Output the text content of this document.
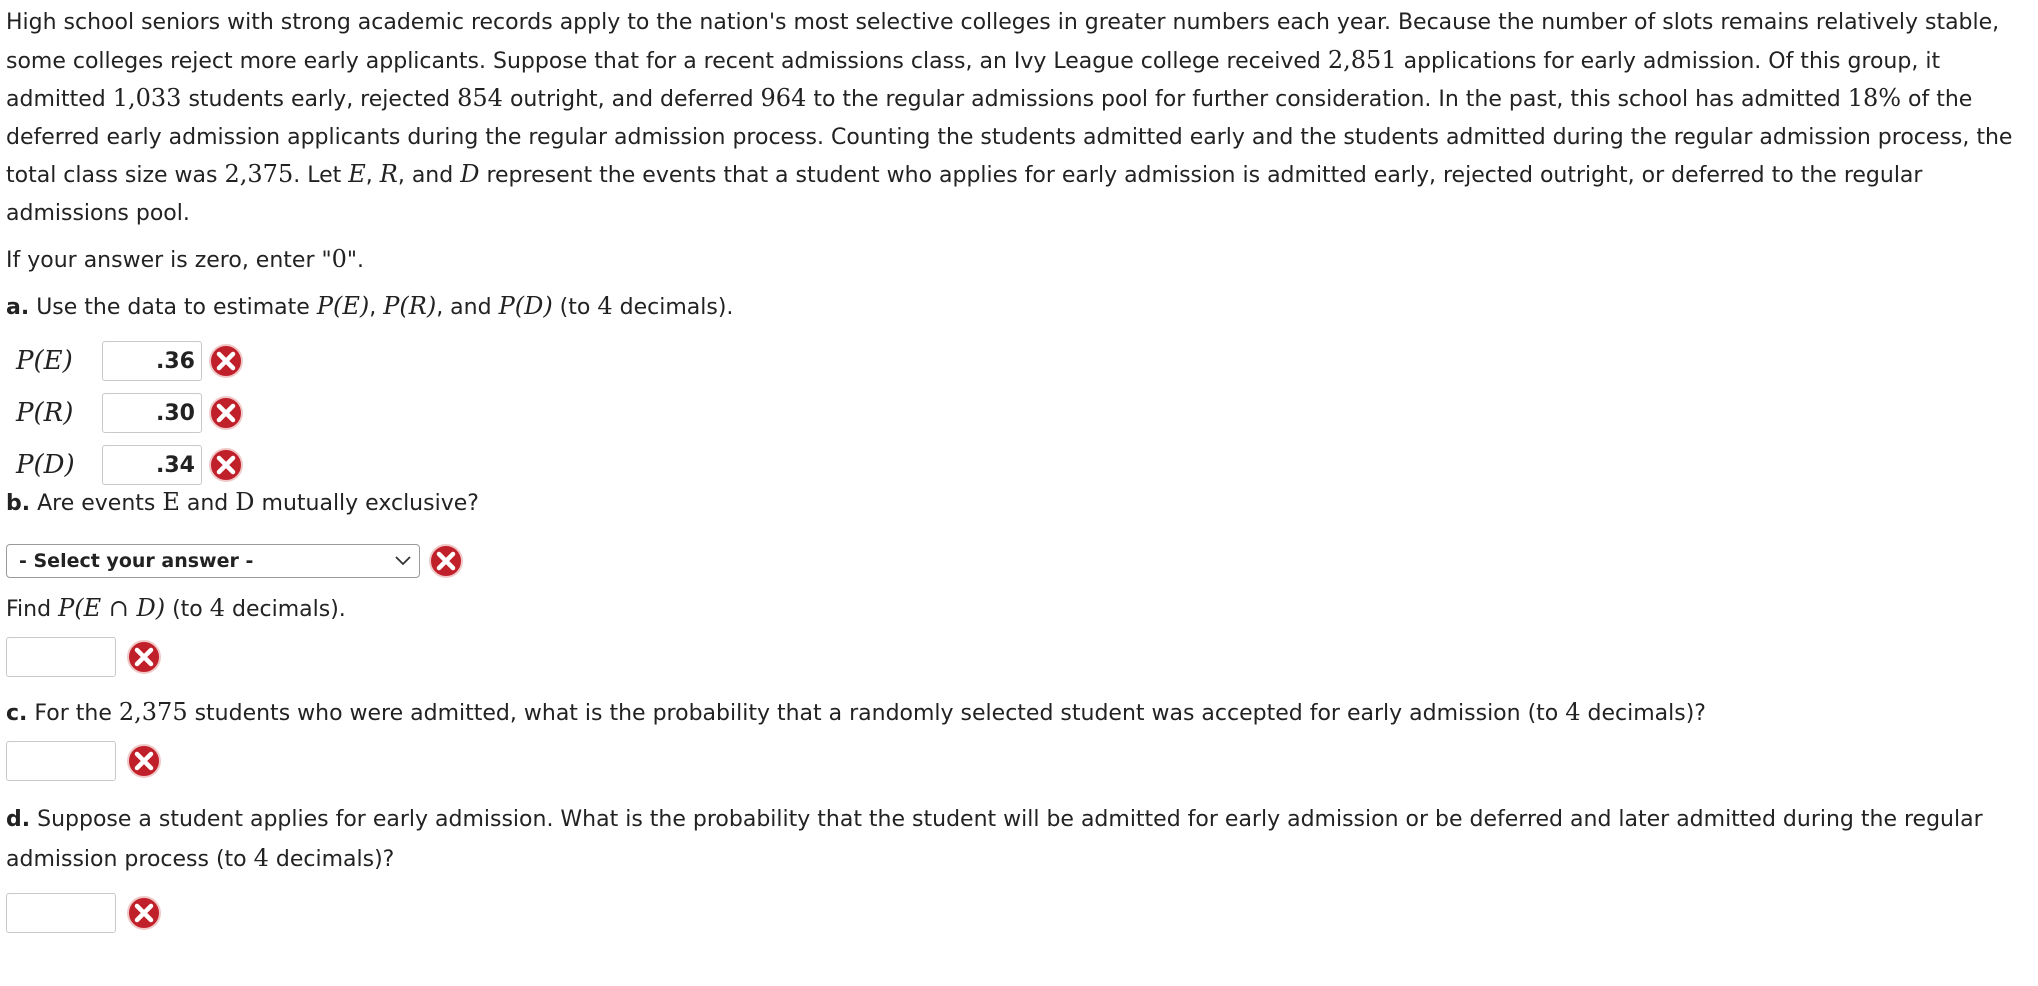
High school seniors with strong academic records apply to the nation's most selective colleges in greater numbers each year. Because the number of slots remains relatively stable, some colleges reject more early applicants. Suppose that for a recent admissions class, an Ivy League college received 2,851 applications for early admission. Of this group, it admitted 1,033 students early, rejected 854 outright, and deferred 964 to the regular admissions pool for further consideration. In the past, this school has admitted 18% of the deferred early admission applicants during the regular admission process. Counting the students admitted early and the students admitted during the regular admission process, the total class size was 2,375. Let E, R, and D represent the events that a student who applies for early admission is admitted early, rejected outright, or deferred to the regular admissions pool.

If your answer is zero, enter "0".

a. Use the data to estimate P(E), P(R), and P(D) (to 4 decimals).

P(E)
.36
P(R)
.30
P(D)
.34

b. Are events E and D mutually exclusive?

- Select your answer -

Find P(E ∩ D) (to 4 decimals).

c. For the 2,375 students who were admitted, what is the probability that a randomly selected student was accepted for early admission (to 4 decimals)?

d. Suppose a student applies for early admission. What is the probability that the student will be admitted for early admission or be deferred and later admitted during the regular admission process (to 4 decimals)?
